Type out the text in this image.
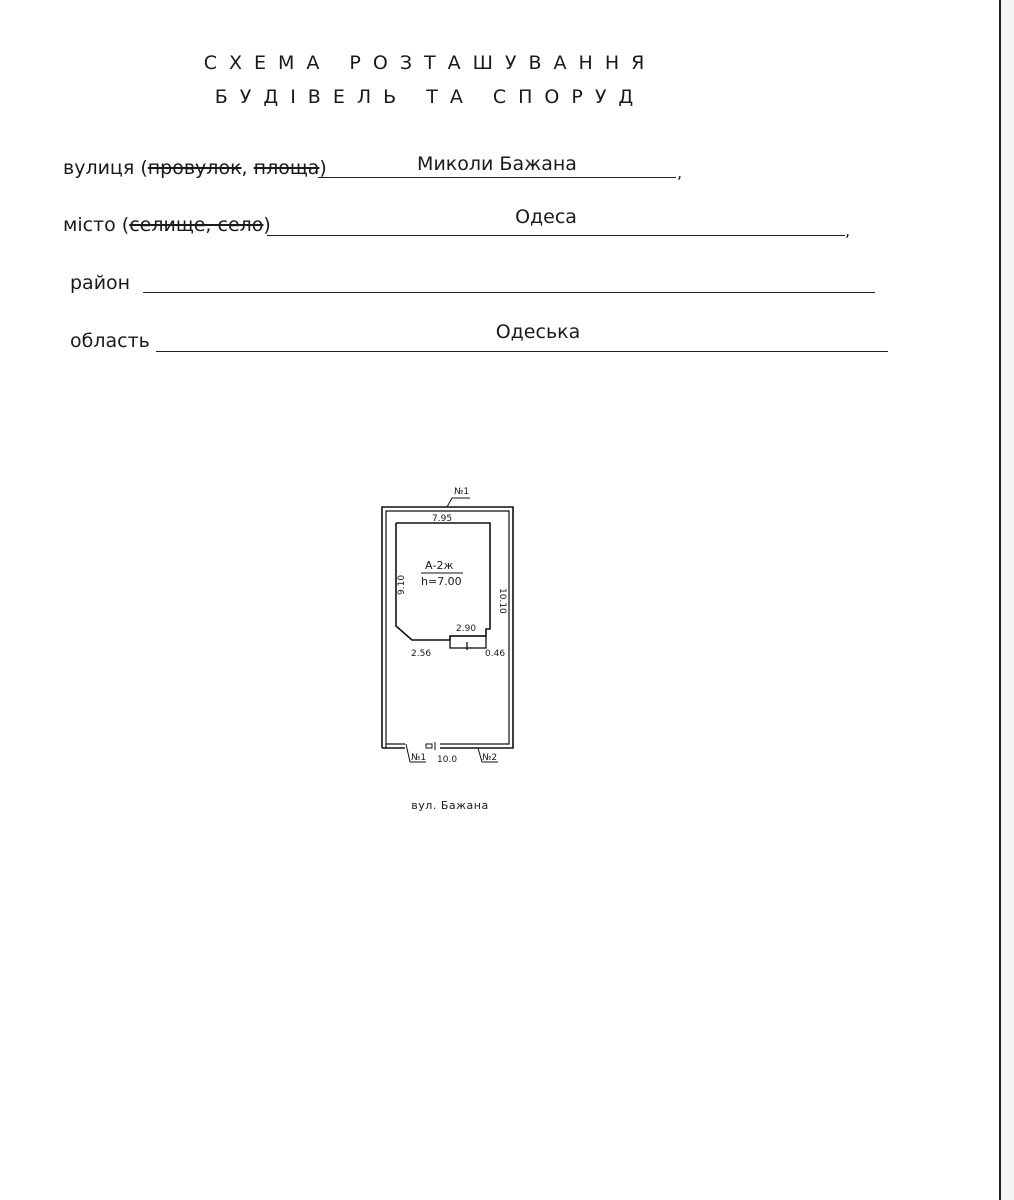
СХЕМА РОЗТАШУВАННЯ
БУДІВЕЛЬ ТА СПОРУД
вулиця (провулок, площа)	Миколи Бажана	,
місто (селище, село)	Одеса
,
район
область	Одеська
№1
7.95
9.10
10.10
2.90
2.56	0.46
А-2ж
h=7.00
№1 10.0	№2
вул. Бажана
